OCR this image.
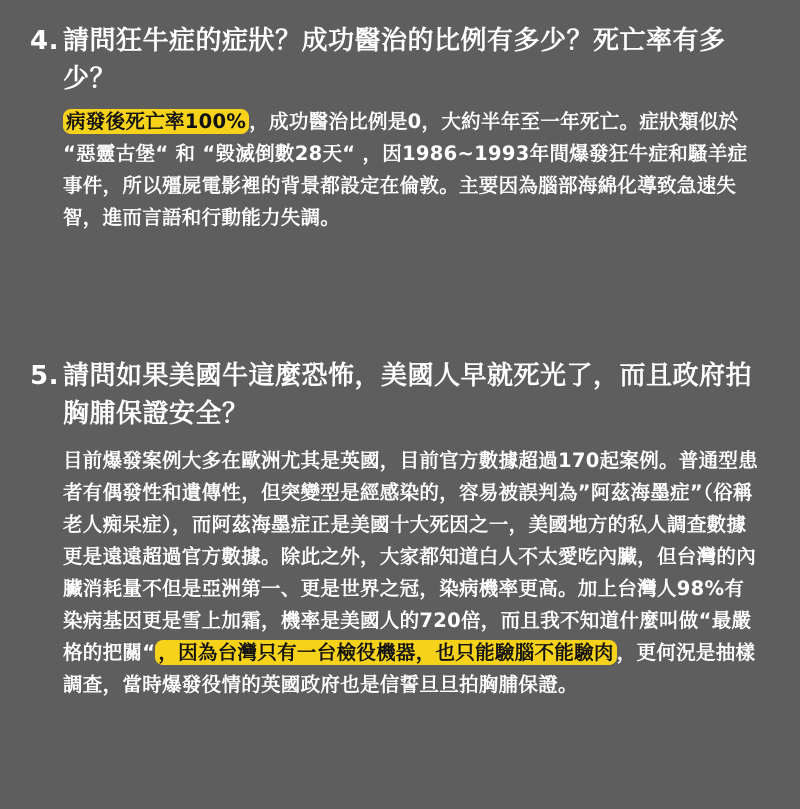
4. 請問狂牛症的症狀？成功醫治的比例有多少？死亡率有多少？
病發後死亡率100% ，成功醫治比例是0，大約半年至一年死亡。症狀類似於 “惡靈古堡“ 和 “毀滅倒數28天“ ，因1986~1993年間爆發狂牛症和騷羊症事件，所以殭屍電影裡的背景都設定在倫敦。主要因為腦部海綿化導致急速失智，進而言語和行動能力失調。
5. 請問如果美國牛這麼恐怖，美國人早就死光了，而且政府拍胸脯保證安全？
目前爆發案例大多在歐洲尤其是英國，目前官方數據超過170起案例。普通型患者有偶發性和遺傳性，但突變型是經感染的，容易被誤判為”阿茲海墨症”（俗稱老人痴呆症），而阿茲海墨症正是美國十大死因之一，美國地方的私人調查數據更是遠遠超過官方數據。除此之外，大家都知道白人不太愛吃內臟，但台灣的內臟消耗量不但是亞洲第一、更是世界之冠，染病機率更高。加上台灣人98%有染病基因更是雪上加霜，機率是美國人的720倍，而且我不知道什麼叫做“最嚴格的把關“ ，因為台灣只有一台檢役機器，也只能驗腦不能驗肉 ，更何況是抽樣調查，當時爆發役情的英國政府也是信誓旦旦拍胸脯保證。
